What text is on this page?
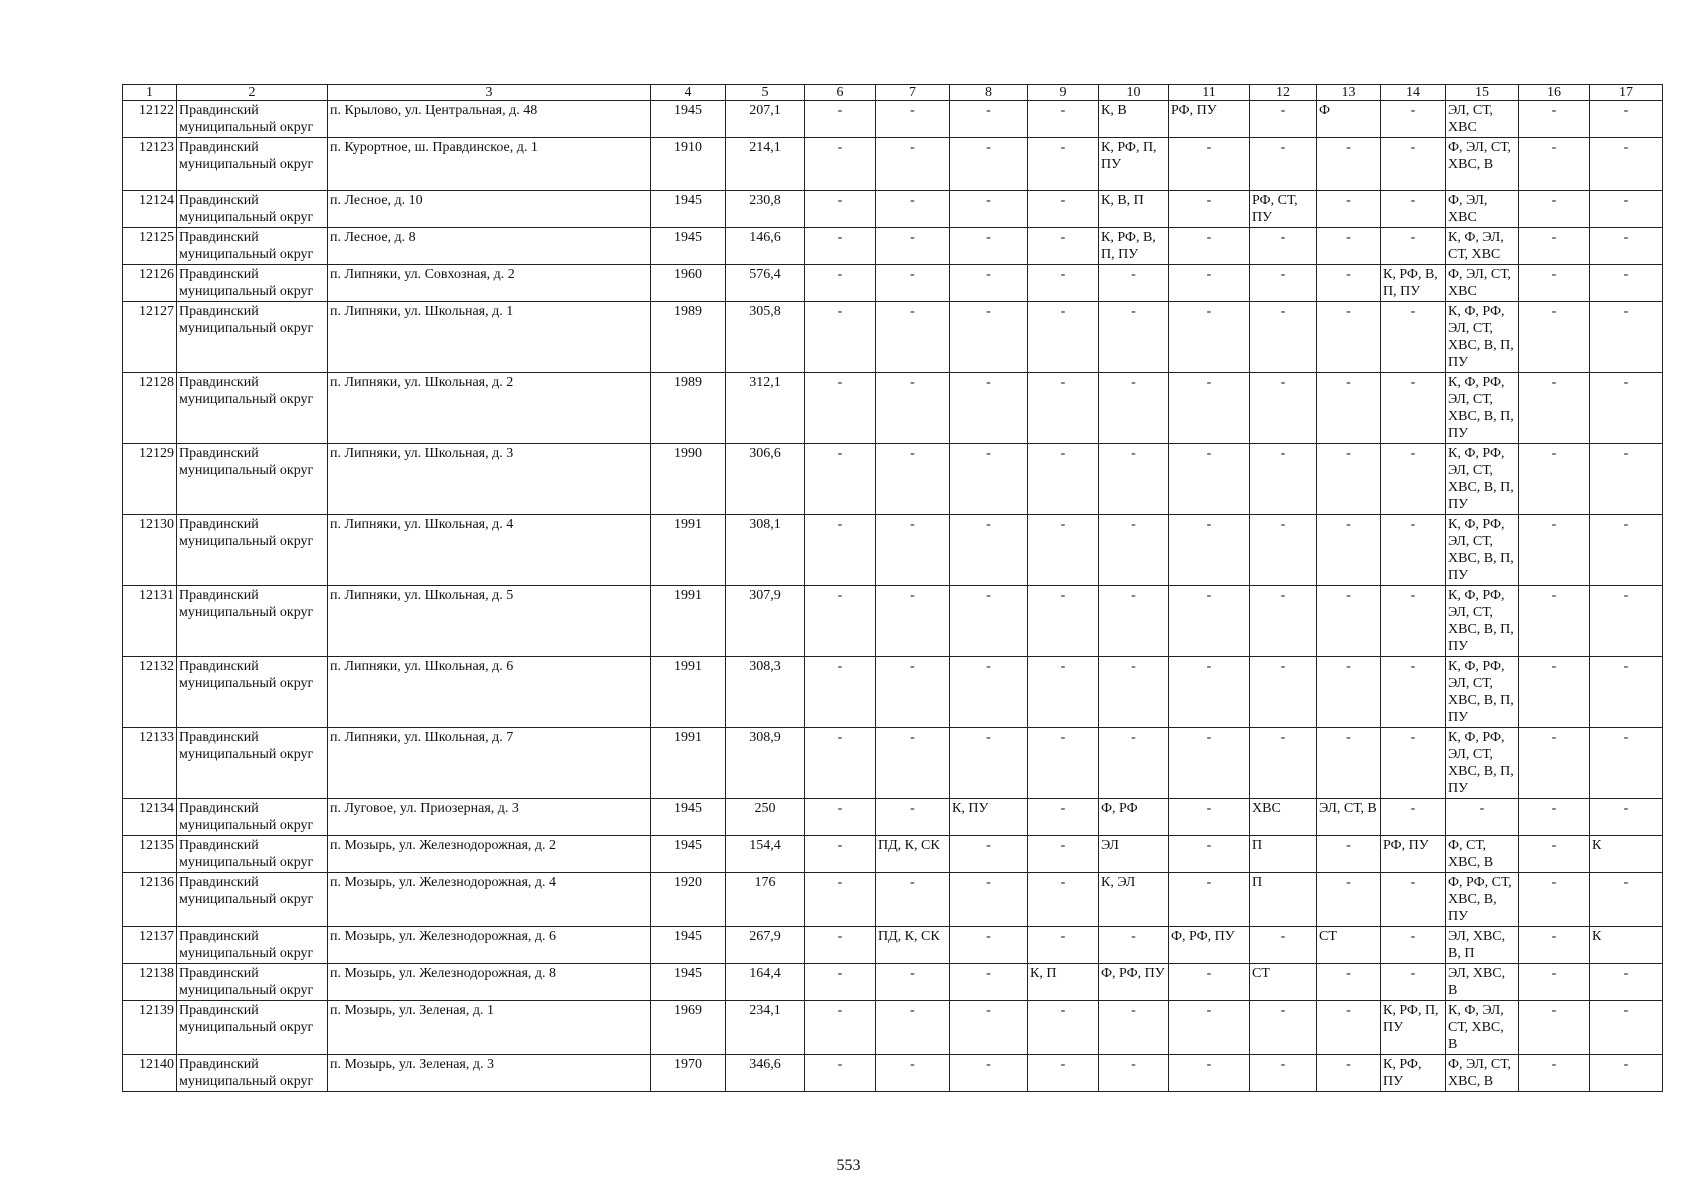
1	2	3	4	5	6	7	8	9	10	11	12	13	14	15	16	17
12122	Правдинский муниципальный округ	п. Крылово, ул. Центральная, д. 48	1945	207,1	-	-	-	-	К, В	РФ, ПУ	-	Ф	-	ЭЛ, СТ, ХВС	-	-
12123	Правдинский муниципальный округ	п. Курортное, ш. Правдинское, д. 1	1910	214,1	-	-	-	-	К, РФ, П, ПУ	-	-	-	-	Ф, ЭЛ, СТ, ХВС, В	-	-
12124	Правдинский муниципальный округ	п. Лесное, д. 10	1945	230,8	-	-	-	-	К, В, П	-	РФ, СТ, ПУ	-	-	Ф, ЭЛ, ХВС	-	-
12125	Правдинский муниципальный округ	п. Лесное, д. 8	1945	146,6	-	-	-	-	К, РФ, В, П, ПУ	-	-	-	-	К, Ф, ЭЛ, СТ, ХВС	-	-
12126	Правдинский муниципальный округ	п. Липняки, ул. Совхозная, д. 2	1960	576,4	-	-	-	-	-	-	-	-	К, РФ, В, П, ПУ	Ф, ЭЛ, СТ, ХВС	-	-
12127	Правдинский муниципальный округ	п. Липняки, ул. Школьная, д. 1	1989	305,8	-	-	-	-	-	-	-	-	-	К, Ф, РФ, ЭЛ, СТ, ХВС, В, П, ПУ	-	-
12128	Правдинский муниципальный округ	п. Липняки, ул. Школьная, д. 2	1989	312,1	-	-	-	-	-	-	-	-	-	К, Ф, РФ, ЭЛ, СТ, ХВС, В, П, ПУ	-	-
12129	Правдинский муниципальный округ	п. Липняки, ул. Школьная, д. 3	1990	306,6	-	-	-	-	-	-	-	-	-	К, Ф, РФ, ЭЛ, СТ, ХВС, В, П, ПУ	-	-
12130	Правдинский муниципальный округ	п. Липняки, ул. Школьная, д. 4	1991	308,1	-	-	-	-	-	-	-	-	-	К, Ф, РФ, ЭЛ, СТ, ХВС, В, П, ПУ	-	-
12131	Правдинский муниципальный округ	п. Липняки, ул. Школьная, д. 5	1991	307,9	-	-	-	-	-	-	-	-	-	К, Ф, РФ, ЭЛ, СТ, ХВС, В, П, ПУ	-	-
12132	Правдинский муниципальный округ	п. Липняки, ул. Школьная, д. 6	1991	308,3	-	-	-	-	-	-	-	-	-	К, Ф, РФ, ЭЛ, СТ, ХВС, В, П, ПУ	-	-
12133	Правдинский муниципальный округ	п. Липняки, ул. Школьная, д. 7	1991	308,9	-	-	-	-	-	-	-	-	-	К, Ф, РФ, ЭЛ, СТ, ХВС, В, П, ПУ	-	-
12134	Правдинский муниципальный округ	п. Луговое, ул. Приозерная, д. 3	1945	250	-	-	К, ПУ	-	Ф, РФ	-	ХВС	ЭЛ, СТ, В	-	-	-	-
12135	Правдинский муниципальный округ	п. Мозырь, ул. Железнодорожная, д. 2	1945	154,4	-	ПД, К, СК	-	-	ЭЛ	-	П	-	РФ, ПУ	Ф, СТ, ХВС, В	-	К
12136	Правдинский муниципальный округ	п. Мозырь, ул. Железнодорожная, д. 4	1920	176	-	-	-	-	К, ЭЛ	-	П	-	-	Ф, РФ, СТ, ХВС, В, ПУ	-	-
12137	Правдинский муниципальный округ	п. Мозырь, ул. Железнодорожная, д. 6	1945	267,9	-	ПД, К, СК	-	-	-	Ф, РФ, ПУ	-	СТ	-	ЭЛ, ХВС, В, П	-	К
12138	Правдинский муниципальный округ	п. Мозырь, ул. Железнодорожная, д. 8	1945	164,4	-	-	-	К, П	Ф, РФ, ПУ	-	СТ	-	-	ЭЛ, ХВС, В	-	-
12139	Правдинский муниципальный округ	п. Мозырь, ул. Зеленая, д. 1	1969	234,1	-	-	-	-	-	-	-	-	К, РФ, П, ПУ	К, Ф, ЭЛ, СТ, ХВС, В	-	-
12140	Правдинский муниципальный округ	п. Мозырь, ул. Зеленая, д. 3	1970	346,6	-	-	-	-	-	-	-	-	К, РФ, ПУ	Ф, ЭЛ, СТ, ХВС, В	-	-
553
